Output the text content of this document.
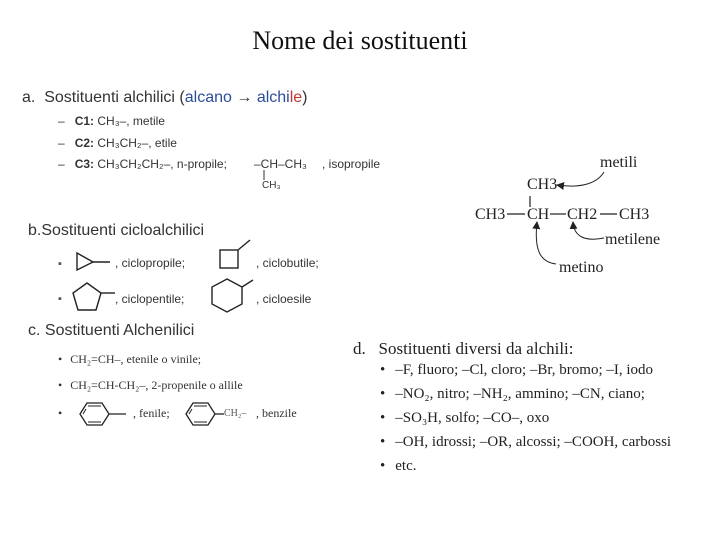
Nome dei sostituenti
a. Sostituenti alchilici (alcano → alchile)
– C1: CH₃–, metile
– C2: CH₃CH₂–, etile
– C3: CH₃CH₂CH₂–, n-propile; –CH–CH₃ , isopropile
CH₃
metili
CH3
CH3 CH CH2 CH3
metilene
metino
b.Sostituenti cicloalchilici
▪	, ciclopropile;	, ciclobutile;
▪	, ciclopentile;	, cicloesile
c. Sostituenti Alchenilici
• CH₂=CH–, etenile o vinile;
• CH₂=CH-CH₂–, 2-propenile o allile
•	, fenile;	CH₂– , benzile
d. Sostituenti diversi da alchili:
• –F, fluoro; –Cl, cloro; –Br, bromo; –I, iodo
• –NO₂, nitro; –NH₂, ammino; –CN, ciano;
• –SO₃H, solfo; –CO–, oxo
• –OH, idrossi; –OR, alcossi; –COOH, carbossi
• etc.
